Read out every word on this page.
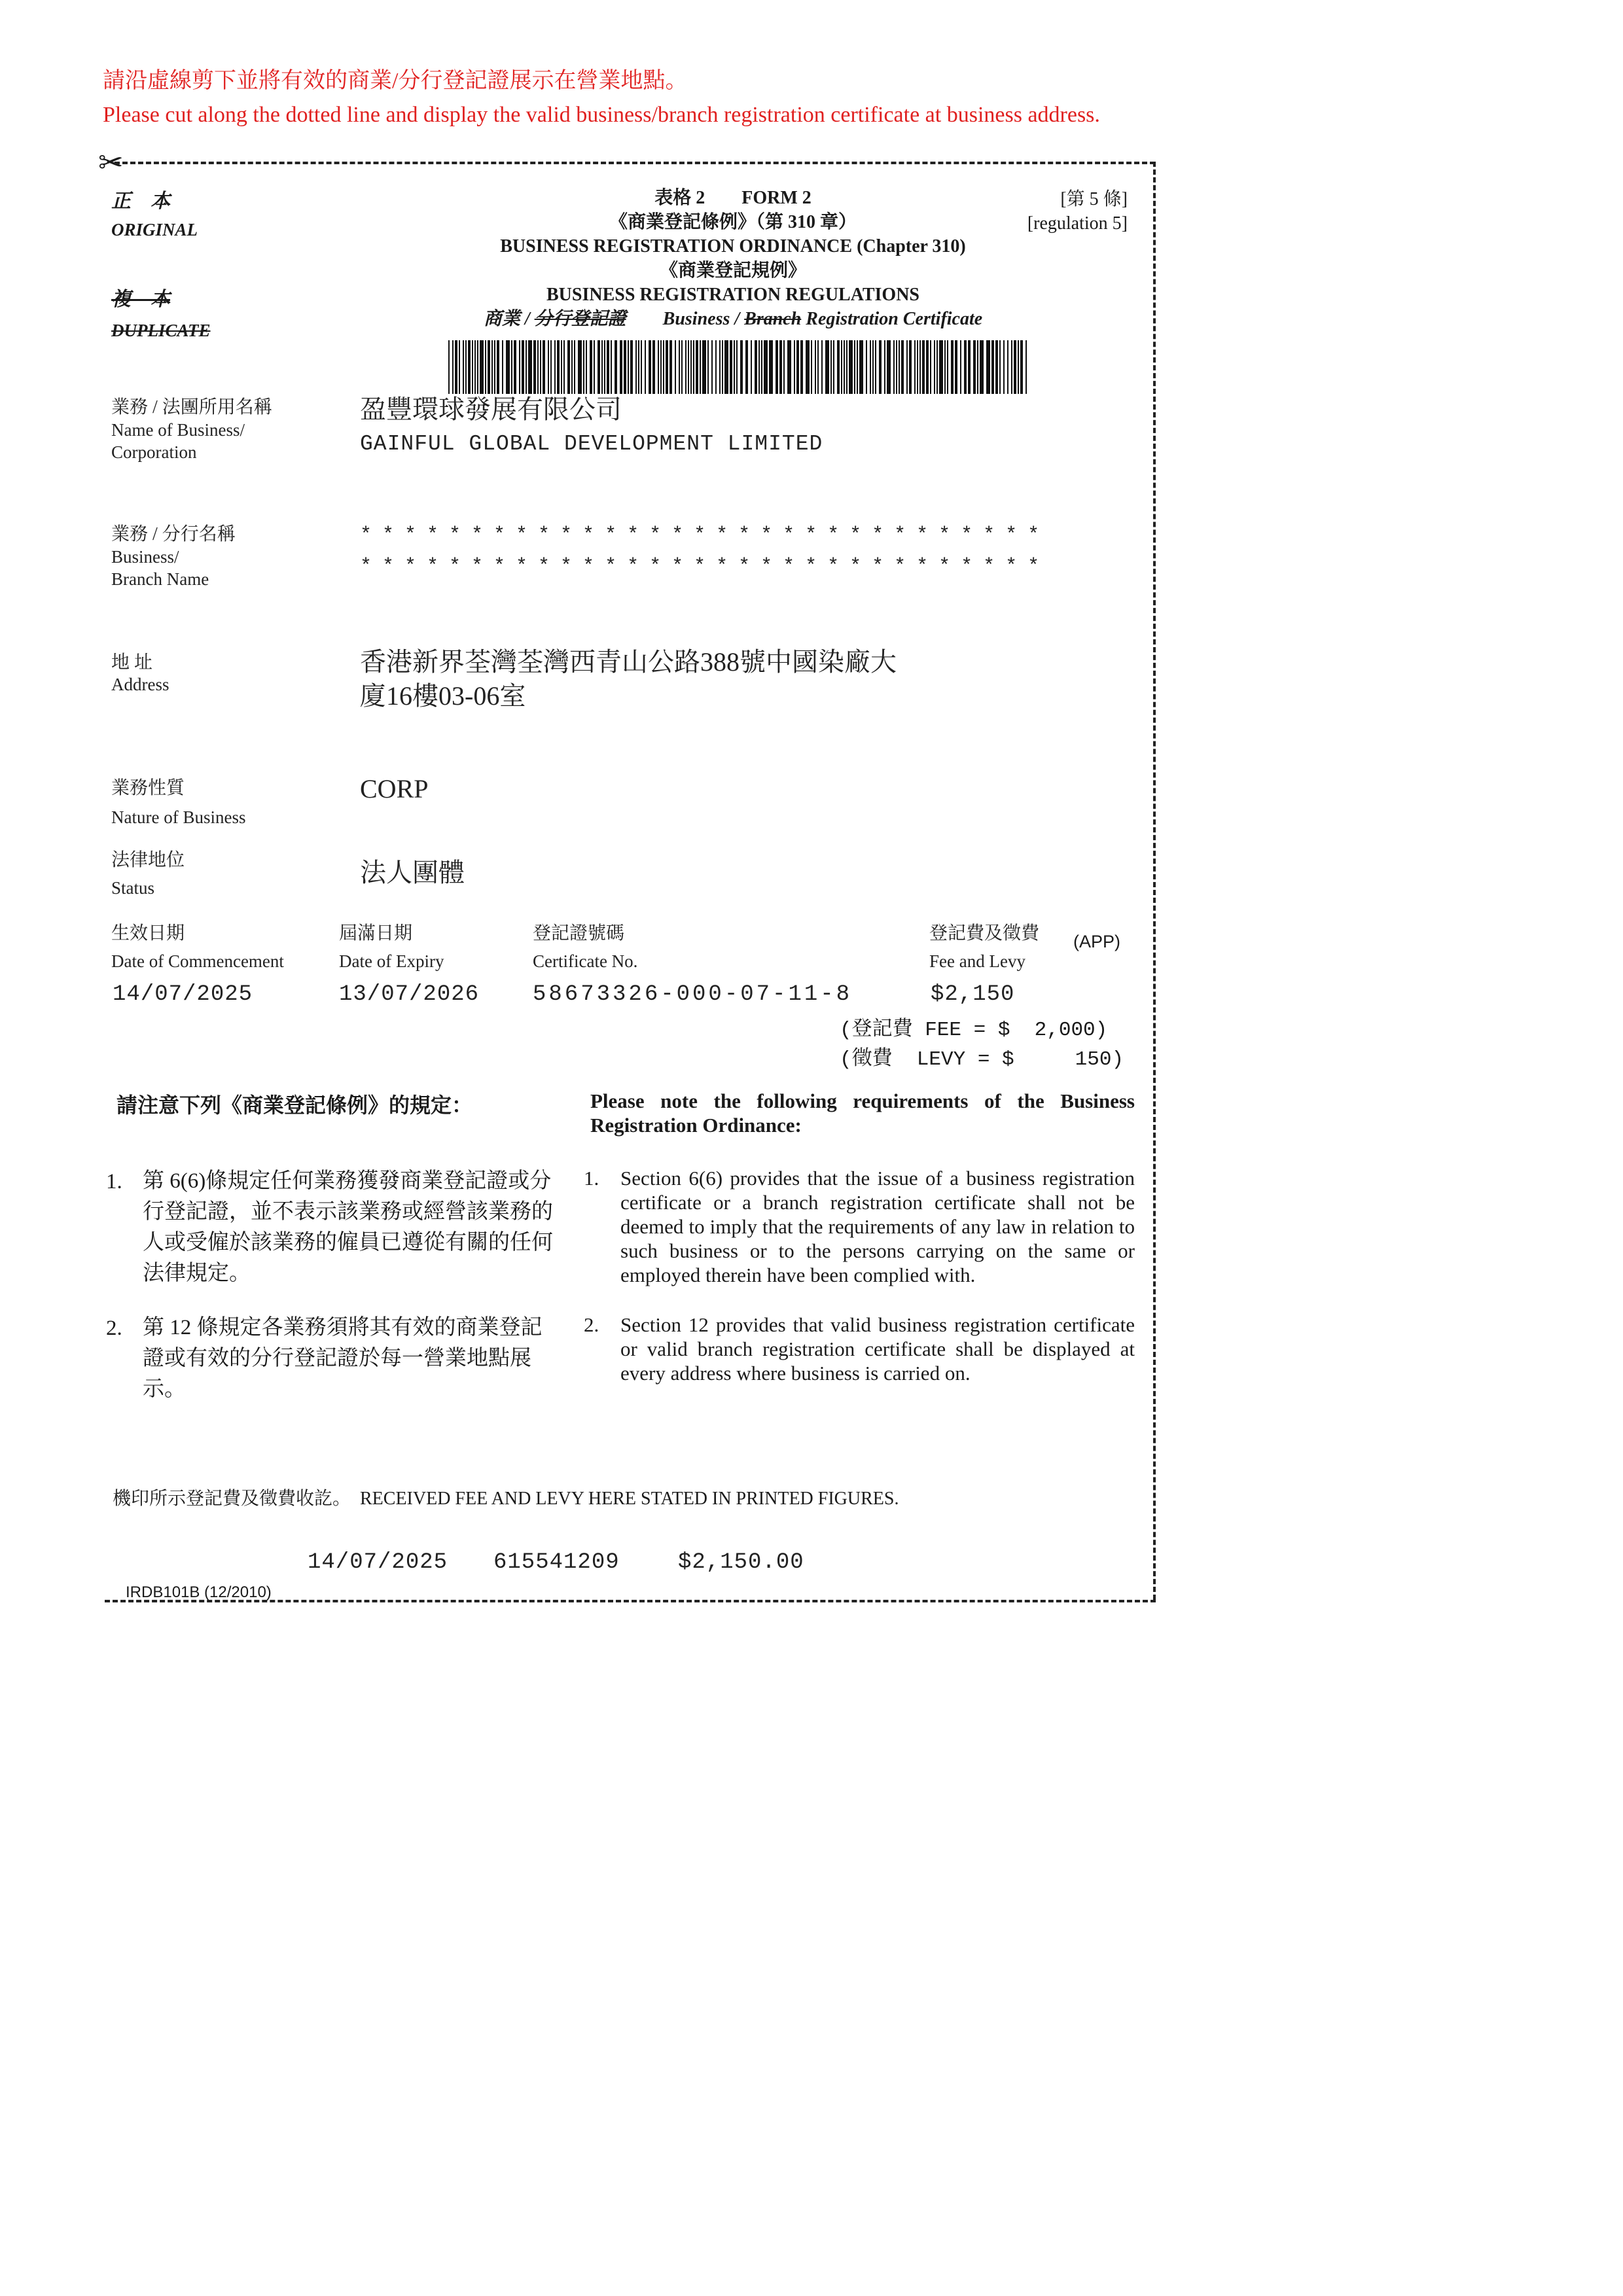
請沿虛線剪下並將有效的商業/分行登記證展示在營業地點。
Please cut along the dotted line and display the valid business/branch registration certificate at business address.
✂
正　本
ORIGINAL
複　本
DUPLICATE
表格 2　　FORM 2
《商業登記條例》（第 310 章）
BUSINESS REGISTRATION ORDINANCE (Chapter 310)
《商業登記規例》
BUSINESS REGISTRATION REGULATIONS
商業 / 分行登記證　　 Business / Branch Registration Certificate
[第 5 條]
[regulation 5]
業務 / 法團所用名稱
Name of Business/
Corporation
盈豐環球發展有限公司
GAINFUL GLOBAL DEVELOPMENT LIMITED
業務 / 分行名稱
Business/
Branch Name
* * * * * * * * * * * * * * * * * * * * * * * * * * * * * * *
* * * * * * * * * * * * * * * * * * * * * * * * * * * * * * *
地 址
Address
香港新界荃灣荃灣西青山公路388號中國染廠大
廈16樓03-06室
業務性質
Nature of Business
CORP
法律地位
Status
法人團體
生效日期
Date of Commencement
14/07/2025
屆滿日期
Date of Expiry
13/07/2026
登記證號碼
Certificate No.
58673326-000-07-11-8
登記費及徵費
Fee and Levy
(APP)
$2,150
(登記費 FEE = $  2,000)
(徵費  LEVY = $     150)
請注意下列《商業登記條例》的規定：	Please note the following requirements of the Business Registration Ordinance:
1. 第 6(6)條規定任何業務獲發商業登記證或分行登記證，並不表示該業務或經營該業務的人或受僱於該業務的僱員已遵從有關的任何法律規定。
2. 第 12 條規定各業務須將其有效的商業登記證或有效的分行登記證於每一營業地點展示。
1. Section 6(6) provides that the issue of a business registration certificate or a branch registration certificate shall not be deemed to imply that the requirements of any law in relation to such business or to the persons carrying on the same or employed therein have been complied with.
2. Section 12 provides that valid business registration certificate or valid branch registration certificate shall be displayed at every address where business is carried on.
機印所示登記費及徵費收訖。　RECEIVED FEE AND LEVY HERE STATED IN PRINTED FIGURES.
14/07/2025 615541209	$2,150.00
IRDB101B (12/2010)
